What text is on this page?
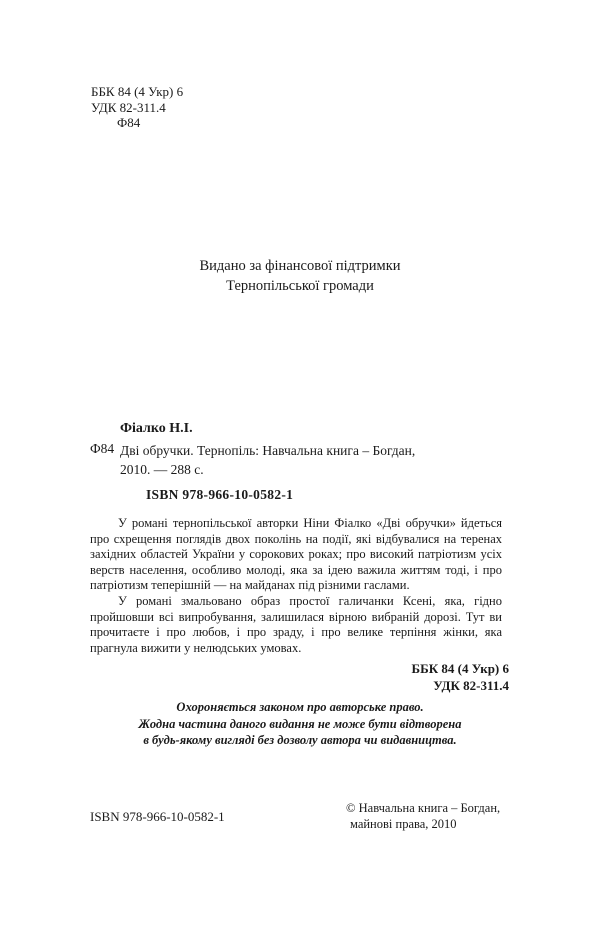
ББК 84 (4 Укр) 6
УДК 82-311.4
Ф84
Видано за фінансової підтримки
Тернопільської громади
Фіалко Н.І.
Ф84 Дві обручки. Тернопіль: Навчальна книга – Богдан,
2010. — 288 с.
ISBN 978-966-10-0582-1

У романі тернопільської авторки Ніни Фіалко «Дві обручки» йдеться про схрещення поглядів двох поколінь на події, які відбувалися на теренах західних областей України у сорокових роках; про високий патріотизм усіх верств населення, особливо молоді, яка за ідею важила життям тоді, і про патріотизм теперішній — на майданах під різними гаслами.

У романі змальовано образ простої галичанки Ксені, яка, гідно пройшовши всі випробування, залишилася вірною вибраній дорозі. Тут ви прочитаєте і про любов, і про зраду, і про велике терпіння жінки, яка прагнула вижити у нелюдських умовах.

ББК 84 (4 Укр) 6
УДК 82-311.4
Охороняється законом про авторське право.
Жодна частина даного видання не може бути відтворена
в будь-якому вигляді без дозволу автора чи видавництва.
ISBN 978-966-10-0582-1
© Навчальна книга – Богдан,
майнові права, 2010
